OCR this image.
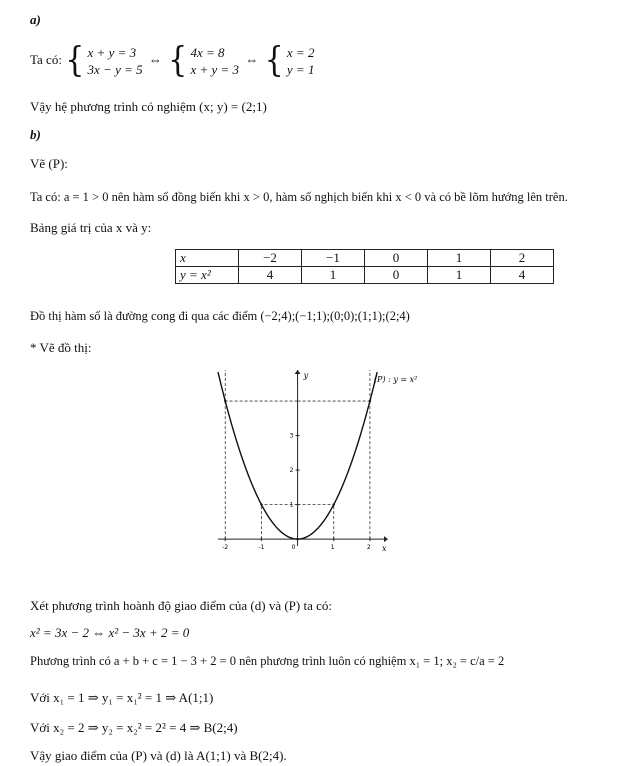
a)
Ta có: { x + y = 3
3x − y = 5 ⇔ { 4x = 8
x + y = 3 ⇔ { x = 2
y = 1
Vậy hệ phương trình có nghiệm (x; y) = (2;1)
b)
Vẽ (P):
Ta có: a = 1 > 0 nên hàm số đồng biến khi x > 0, hàm số nghịch biến khi x < 0 và có bề lõm hướng lên trên.
Bảng giá trị của x và y:
x	−2	−1	0	1	2
y = x²	4	1	0	1	4
Đồ thị hàm số là đường cong đi qua các điểm (−2;4);(−1;1);(0;0);(1;1);(2;4)
* Vẽ đồ thị:
x
y
-2	-1	0	1	2
1
2
3
(P) : y = x²
Xét phương trình hoành độ giao điểm của (d) và (P) ta có:
x² = 3x − 2 ⇔ x² − 3x + 2 = 0
Phương trình có a + b + c = 1 − 3 + 2 = 0 nên phương trình luôn có nghiệm x₁ = 1; x₂ = c/a = 2
Với x₁ = 1 ⇒ y₁ = x₁² = 1 ⇒ A(1;1)
Với x₂ = 2 ⇒ y₂ = x₂² = 2² = 4 ⇒ B(2;4)
Vậy giao điểm của (P) và (d) là A(1;1) và B(2;4).
